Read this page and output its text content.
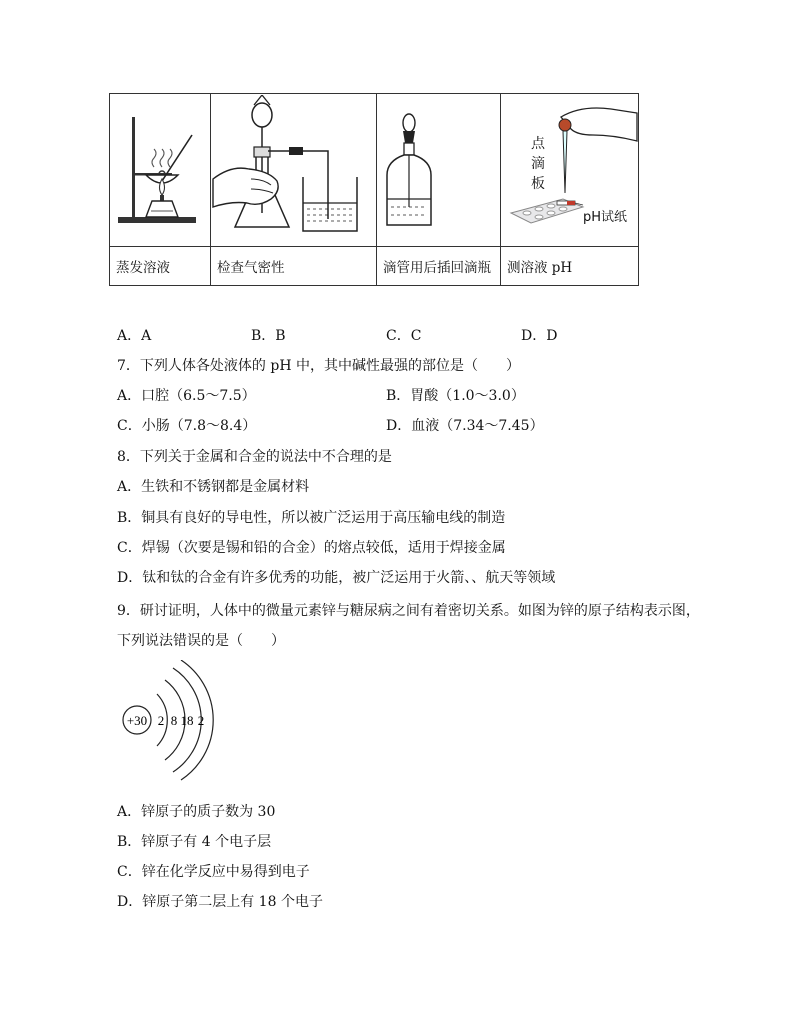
点
滴
板
pH试纸

蒸发溶液	检查气密性	滴管用后插回滴瓶	测溶液 pH
A．A	B．B	C．C	D．D
7．下列人体各处液体的 pH 中，其中碱性最强的部位是（　　）
A．口腔（6.5～7.5）	B．胃酸（1.0～3.0）
C．小肠（7.8～8.4）	D．血液（7.34～7.45）
8．下列关于金属和合金的说法中不合理的是
A．生铁和不锈钢都是金属材料
B．铜具有良好的导电性，所以被广泛运用于高压输电线的制造
C．焊锡（次要是锡和铅的合金）的熔点较低，适用于焊接金属
D．钛和钛的合金有许多优秀的功能，被广泛运用于火箭、、航天等领域
9．研讨证明，人体中的微量元素锌与糖尿病之间有着密切关系。如图为锌的原子结构表示图，
下列说法错误的是（　　）
+30 2 8 18 2
A．锌原子的质子数为 30
B．锌原子有 4 个电子层
C．锌在化学反应中易得到电子
D．锌原子第二层上有 18 个电子
